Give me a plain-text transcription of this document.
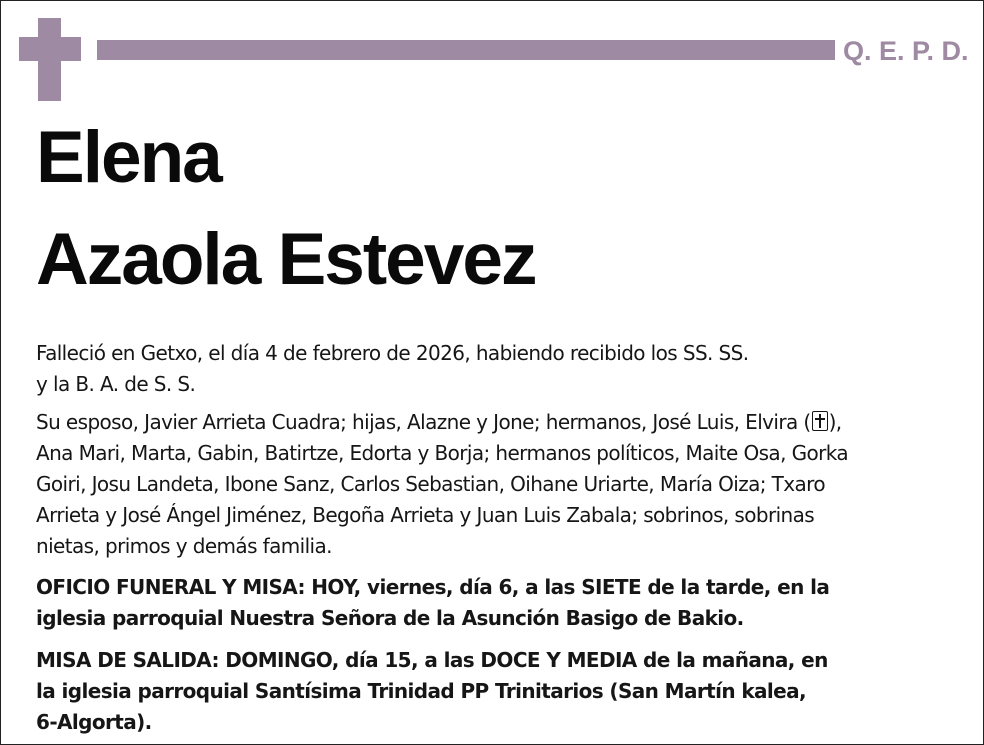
Q. E. P. D.
Elena
Azaola Estevez
Falleció en Getxo, el día 4 de febrero de 2026, habiendo recibido los SS. SS.
y la B. A. de S. S.
Su esposo, Javier Arrieta Cuadra; hijas, Alazne y Jone; hermanos, José Luis, Elvira ( ),
Ana Mari, Marta, Gabin, Batirtze, Edorta y Borja; hermanos políticos, Maite Osa, Gorka
Goiri, Josu Landeta, Ibone Sanz, Carlos Sebastian, Oihane Uriarte, María Oiza; Txaro
Arrieta y José Ángel Jiménez, Begoña Arrieta y Juan Luis Zabala; sobrinos, sobrinas
nietas, primos y demás familia.
OFICIO FUNERAL Y MISA: HOY, viernes, día 6, a las SIETE de la tarde, en la
iglesia parroquial Nuestra Señora de la Asunción Basigo de Bakio.
MISA DE SALIDA: DOMINGO, día 15, a las DOCE Y MEDIA de la mañana, en
la iglesia parroquial Santísima Trinidad PP Trinitarios (San Martín kalea,
6-Algorta).
